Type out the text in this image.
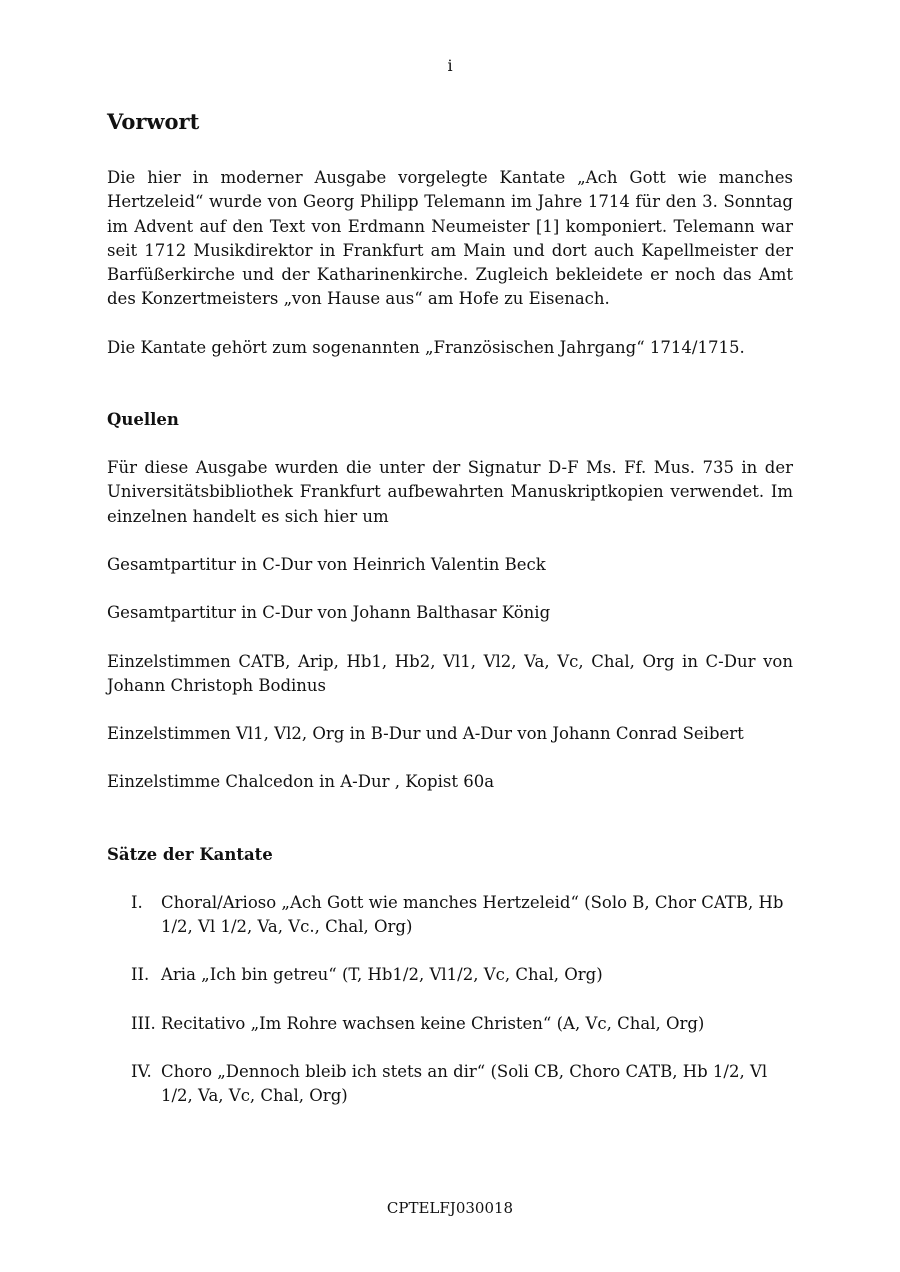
i
Vorwort

Die hier in moderner Ausgabe vorgelegte Kantate „Ach Gott wie manches Hertzeleid“ wurde von Georg Philipp Telemann im Jahre 1714 für den 3. Sonntag im Advent auf den Text von Erdmann Neumeister [1] komponiert. Telemann war seit 1712 Musikdirektor in Frankfurt am Main und dort auch Kapellmeister der Barfüßerkirche und der Katharinenkirche. Zugleich bekleidete er noch das Amt des Konzertmeisters „von Hause aus“ am Hofe zu Eisenach.

Die Kantate gehört zum sogenannten „Französischen Jahrgang“ 1714/1715.

Quellen

Für diese Ausgabe wurden die unter der Signatur D-F Ms. Ff. Mus. 735 in der Universitätsbibliothek Frankfurt aufbewahrten Manuskriptkopien verwendet. Im einzelnen handelt es sich hier um

Gesamtpartitur in C-Dur von Heinrich Valentin Beck

Gesamtpartitur in C-Dur von Johann Balthasar König

Einzelstimmen CATB, Arip, Hb1, Hb2, Vl1, Vl2, Va, Vc, Chal, Org in C-Dur von Johann Christoph Bodinus

Einzelstimmen Vl1, Vl2, Org in B-Dur und A-Dur von Johann Conrad Seibert

Einzelstimme Chalcedon in A-Dur , Kopist 60a

Sätze der Kantate
I.	Choral/Arioso „Ach Gott wie manches Hertzeleid“ (Solo B, Chor CATB, Hb 1/2, Vl 1/2, Va, Vc., Chal, Org)
II. Aria „Ich bin getreu“ (T, Hb1/2, Vl1/2, Vc, Chal, Org)
III. Recitativo „Im Rohre wachsen keine Christen“ (A, Vc, Chal, Org)
IV. Choro „Dennoch bleib ich stets an dir“ (Soli CB, Choro CATB, Hb 1/2, Vl 1/2, Va, Vc, Chal, Org)
CPTELFJ030018
